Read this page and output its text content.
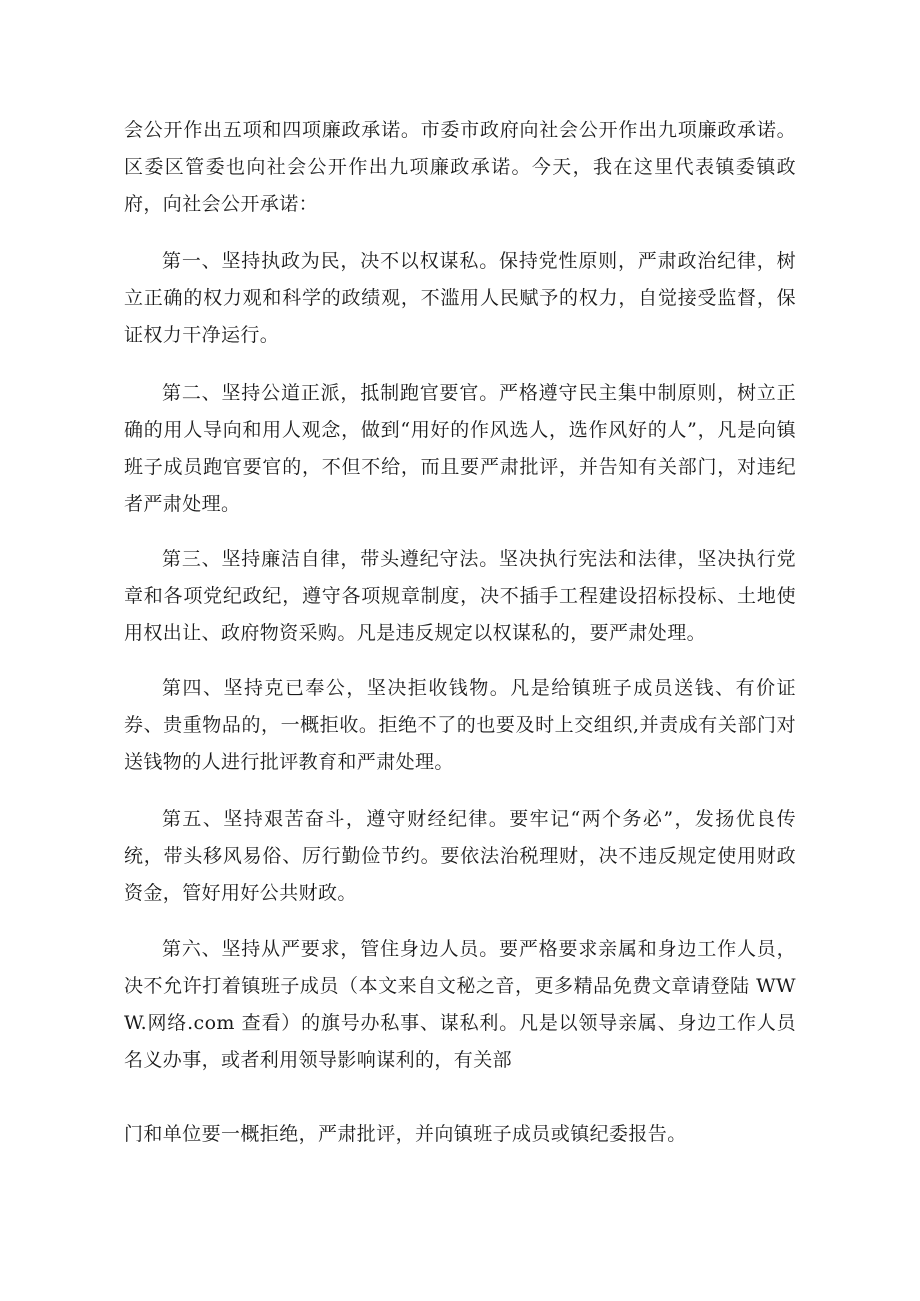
会公开作出五项和四项廉政承诺。市委市政府向社会公开作出九项廉政承诺。区委区管委也向社会公开作出九项廉政承诺。今天，我在这里代表镇委镇政府，向社会公开承诺：

第一、坚持执政为民，决不以权谋私。保持党性原则，严肃政治纪律，树立正确的权力观和科学的政绩观，不滥用人民赋予的权力，自觉接受监督，保证权力干净运行。

第二、坚持公道正派，抵制跑官要官。严格遵守民主集中制原则，树立正确的用人导向和用人观念，做到“用好的作风选人，选作风好的人”，凡是向镇班子成员跑官要官的，不但不给，而且要严肃批评，并告知有关部门，对违纪者严肃处理。

第三、坚持廉洁自律，带头遵纪守法。坚决执行宪法和法律，坚决执行党章和各项党纪政纪，遵守各项规章制度，决不插手工程建设招标投标、土地使用权出让、政府物资采购。凡是违反规定以权谋私的，要严肃处理。

第四、坚持克已奉公，坚决拒收钱物。凡是给镇班子成员送钱、有价证券、贵重物品的，一概拒收。拒绝不了的也要及时上交组织,并责成有关部门对送钱物的人进行批评教育和严肃处理。

第五、坚持艰苦奋斗，遵守财经纪律。要牢记“两个务必”，发扬优良传统，带头移风易俗、厉行勤俭节约。要依法治税理财，决不违反规定使用财政资金，管好用好公共财政。

第六、坚持从严要求，管住身边人员。要严格要求亲属和身边工作人员，决不允许打着镇班子成员（本文来自文秘之音，更多精品免费文章请登陆 WWW.网络.com 查看）的旗号办私事、谋私利。凡是以领导亲属、身边工作人员名义办事，或者利用领导影响谋利的，有关部

门和单位要一概拒绝，严肃批评，并向镇班子成员或镇纪委报告。
